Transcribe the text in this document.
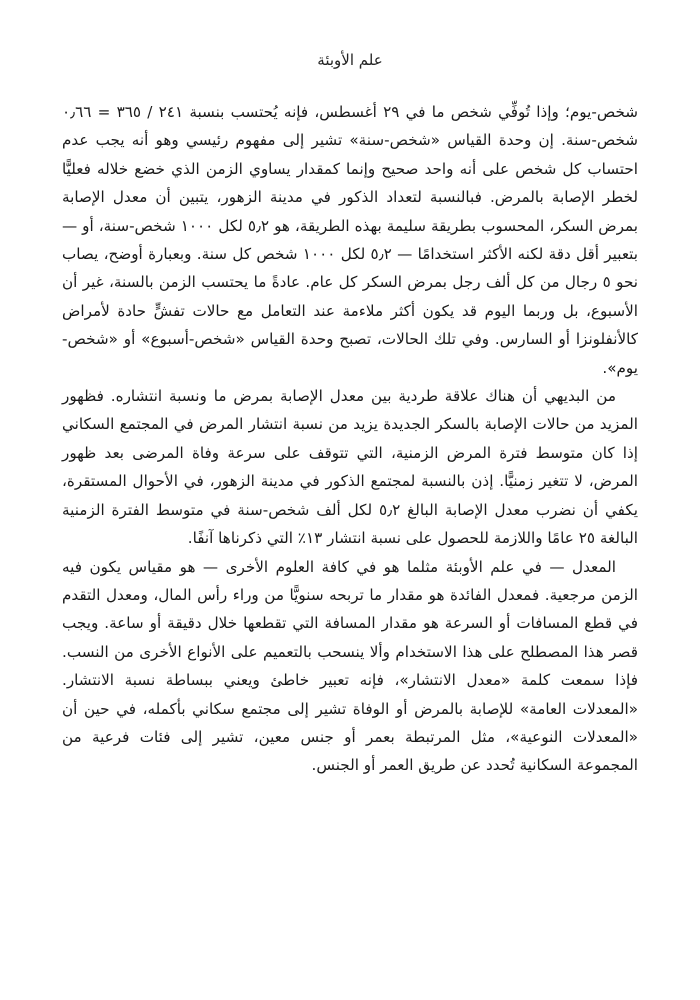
علم الأوبئة

شخص-يوم؛ وإذا تُوفِّي شخص ما في ٢٩ أغسطس، فإنه يُحتسب بنسبة ٢٤١ / ٣٦٥ = ٠٫٦٦ شخص-سنة. إن وحدة القياس «شخص-سنة» تشير إلى مفهوم رئيسي وهو أنه يجب عدم احتساب كل شخص على أنه واحد صحيح وإنما كمقدار يساوي الزمن الذي خضع خلاله فعليًّا لخطر الإصابة بالمرض. فبالنسبة لتعداد الذكور في مدينة الزهور، يتبين أن معدل الإصابة بمرض السكر، المحسوب بطريقة سليمة بهذه الطريقة، هو ٥٫٢ لكل ١٠٠٠ شخص-سنة، أو — بتعبير أقل دقة لكنه الأكثر استخدامًا — ٥٫٢ لكل ١٠٠٠ شخص كل سنة. وبعبارة أوضح، يصاب نحو ٥ رجال من كل ألف رجل بمرض السكر كل عام. عادةً ما يحتسب الزمن بالسنة، غير أن الأسبوع، بل وربما اليوم قد يكون أكثر ملاءمة عند التعامل مع حالات تفشٍّ حادة لأمراض كالأنفلونزا أو السارس. وفي تلك الحالات، تصبح وحدة القياس «شخص-أسبوع» أو «شخص-يوم».

من البديهي أن هناك علاقة طردية بين معدل الإصابة بمرض ما ونسبة انتشاره. فظهور المزيد من حالات الإصابة بالسكر الجديدة يزيد من نسبة انتشار المرض في المجتمع السكاني إذا كان متوسط فترة المرض الزمنية، التي تتوقف على سرعة وفاة المرضى بعد ظهور المرض، لا تتغير زمنيًّا. إذن بالنسبة لمجتمع الذكور في مدينة الزهور، في الأحوال المستقرة، يكفي أن نضرب معدل الإصابة البالغ ٥٫٢ لكل ألف شخص-سنة في متوسط الفترة الزمنية البالغة ٢٥ عامًا واللازمة للحصول على نسبة انتشار ١٣٪ التي ذكرناها آنفًا.

المعدل — في علم الأوبئة مثلما هو في كافة العلوم الأخرى — هو مقياس يكون فيه الزمن مرجعية. فمعدل الفائدة هو مقدار ما تربحه سنويًّا من وراء رأس المال، ومعدل التقدم في قطع المسافات أو السرعة هو مقدار المسافة التي تقطعها خلال دقيقة أو ساعة. ويجب قصر هذا المصطلح على هذا الاستخدام وألا ينسحب بالتعميم على الأنواع الأخرى من النسب. فإذا سمعت كلمة «معدل الانتشار»، فإنه تعبير خاطئ ويعني ببساطة نسبة الانتشار. «المعدلات العامة» للإصابة بالمرض أو الوفاة تشير إلى مجتمع سكاني بأكمله، في حين أن «المعدلات النوعية»، مثل المرتبطة بعمر أو جنس معين، تشير إلى فئات فرعية من المجموعة السكانية تُحدد عن طريق العمر أو الجنس.
